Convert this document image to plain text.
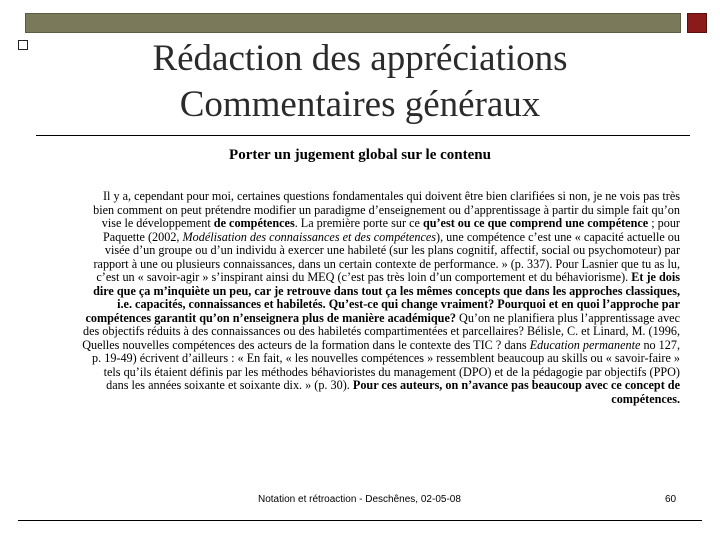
Rédaction des appréciations
Commentaires généraux
Porter un jugement global sur le contenu
Il y a, cependant pour moi, certaines questions fondamentales qui doivent être bien clarifiées si non, je ne vois pas très bien comment on peut prétendre modifier un paradigme d’enseignement ou d’apprentissage à partir du simple fait qu’on vise le développement de compétences. La première porte sur ce qu’est ou ce que comprend une compétence ; pour Paquette (2002, Modélisation des connaissances et des compétences), une compétence c’est une « capacité actuelle ou visée d’un groupe ou d’un individu à exercer une habileté (sur les plans cognitif, affectif, social ou psychomoteur) par rapport à une ou plusieurs connaissances, dans un certain contexte de performance. » (p. 337). Pour Lasnier que tu as lu, c’est un « savoir-agir » s’inspirant ainsi du MEQ (c’est pas très loin d’un comportement et du béhaviorisme). Et je dois dire que ça m’inquiète un peu, car je retrouve dans tout ça les mêmes concepts que dans les approches classiques, i.e. capacités, connaissances et habiletés. Qu’est-ce qui change vraiment? Pourquoi et en quoi l’approche par compétences garantit qu’on n’enseignera plus de manière académique? Qu’on ne planifiera plus l’apprentissage avec des objectifs réduits à des connaissances ou des habiletés compartimentées et parcellaires? Bélisle, C. et Linard, M. (1996, Quelles nouvelles compétences des acteurs de la formation dans le contexte des TIC ? dans Education permanente no 127, p. 19-49) écrivent d’ailleurs : « En fait, « les nouvelles compétences » ressemblent beaucoup au skills ou « savoir-faire » tels qu’ils étaient définis par les méthodes béhavioristes du management (DPO) et de la pédagogie par objectifs (PPO) dans les années soixante et soixante dix. » (p. 30). Pour ces auteurs, on n’avance pas beaucoup avec ce concept de compétences.
Notation et rétroaction - Deschênes, 02-05-08	60
